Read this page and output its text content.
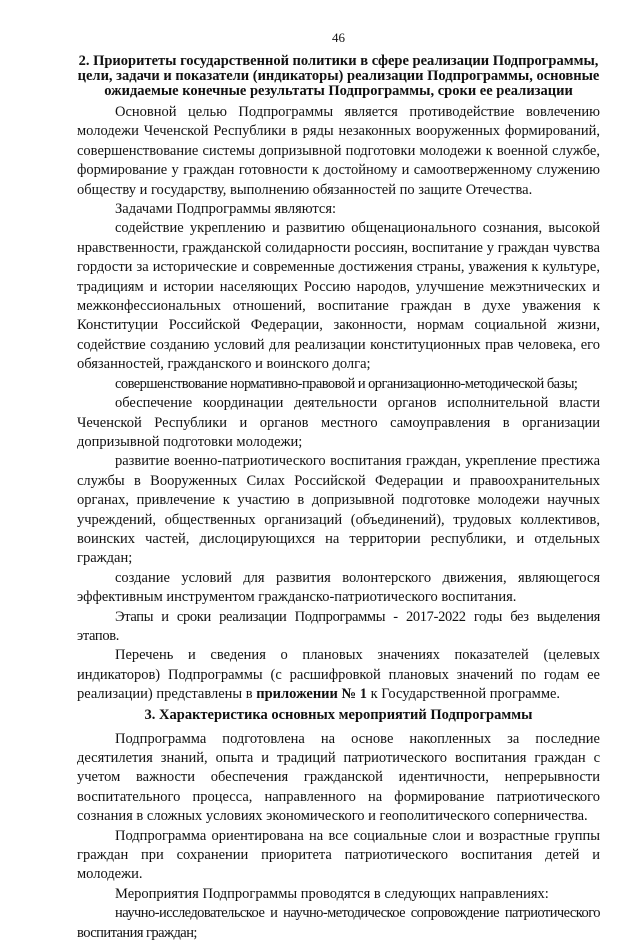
46
2. Приоритеты государственной политики в сфере реализации Подпрограммы, цели, задачи и показатели (индикаторы) реализации Подпрограммы, основные ожидаемые конечные результаты Подпрограммы, сроки ее реализации

Основной целью Подпрограммы является противодействие вовлечению молодежи Чеченской Республики в ряды незаконных вооруженных формирований, совершенствование системы допризывной подготовки молодежи к военной службе, формирование у граждан готовности к достойному и самоотверженному служению обществу и государству, выполнению обязанностей по защите Отечества.

Задачами Подпрограммы являются:

содействие укреплению и развитию общенационального сознания, высокой нравственности, гражданской солидарности россиян, воспитание у граждан чувства гордости за исторические и современные достижения страны, уважения к культуре, традициям и истории населяющих Россию народов, улучшение межэтнических и межконфессиональных отношений, воспитание граждан в духе уважения к Конституции Российской Федерации, законности, нормам социальной жизни, содействие созданию условий для реализации конституционных прав человека, его обязанностей, гражданского и воинского долга;

совершенствование нормативно-правовой и организационно-методической базы;

обеспечение координации деятельности органов исполнительной власти Чеченской Республики и органов местного самоуправления в организации допризывной подготовки молодежи;

развитие военно-патриотического воспитания граждан, укрепление престижа службы в Вооруженных Силах Российской Федерации и правоохранительных органах, привлечение к участию в допризывной подготовке молодежи научных учреждений, общественных организаций (объединений), трудовых коллективов, воинских частей, дислоцирующихся на территории республики, и отдельных граждан;

создание условий для развития волонтерского движения, являющегося эффективным инструментом гражданско-патриотического воспитания.

Этапы и сроки реализации Подпрограммы - 2017-2022 годы без выделения этапов.

Перечень и сведения о плановых значениях показателей (целевых индикаторов) Подпрограммы (с расшифровкой плановых значений по годам ее реализации) представлены в приложении № 1 к Государственной программе.

3. Характеристика основных мероприятий Подпрограммы

Подпрограмма подготовлена на основе накопленных за последние десятилетия знаний, опыта и традиций патриотического воспитания граждан с учетом важности обеспечения гражданской идентичности, непрерывности воспитательного процесса, направленного на формирование патриотического сознания в сложных условиях экономического и геополитического соперничества.

Подпрограмма ориентирована на все социальные слои и возрастные группы граждан при сохранении приоритета патриотического воспитания детей и молодежи.

Мероприятия Подпрограммы проводятся в следующих направлениях:

научно-исследовательское и научно-методическое сопровождение патриотического воспитания граждан;
